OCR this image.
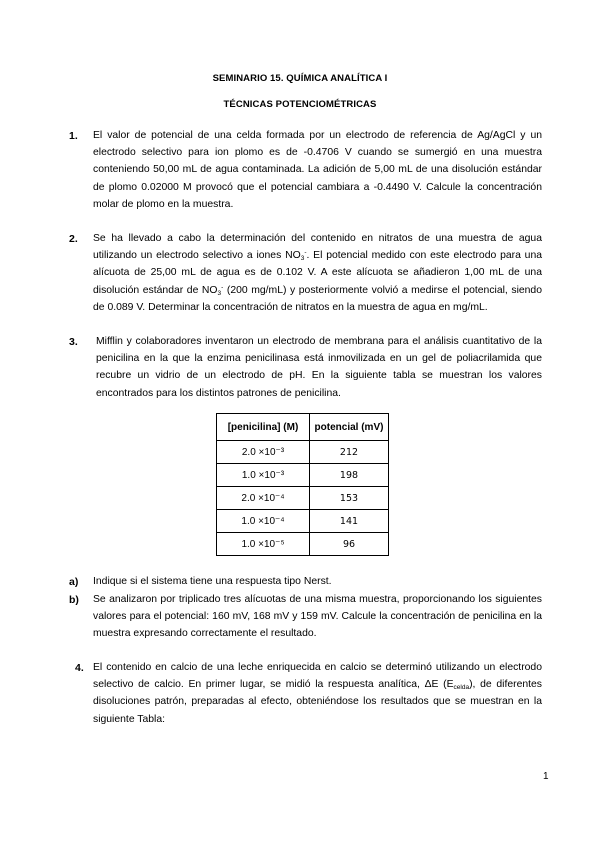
SEMINARIO 15. QUÍMICA ANALÍTICA I
TÉCNICAS POTENCIOMÉTRICAS
1. El valor de potencial de una celda formada por un electrodo de referencia de Ag/AgCl y un electrodo selectivo para ion plomo es de -0.4706 V cuando se sumergió en una muestra conteniendo 50,00 mL de agua contaminada. La adición de 5,00 mL de una disolución estándar de plomo 0.02000 M provocó que el potencial cambiara a -0.4490 V. Calcule la concentración molar de plomo en la muestra.
2. Se ha llevado a cabo la determinación del contenido en nitratos de una muestra de agua utilizando un electrodo selectivo a iones $NO_3^-$. El potencial medido con este electrodo para una alícuota de 25,00 mL de agua es de 0.102 V. A este alícuota se añadieron 1,00 mL de una disolución estándar de $NO_3^-$ (200 mg/mL) y posteriormente volvió a medirse el potencial, siendo de 0.089 V. Determinar la concentración de nitratos en la muestra de agua en mg/mL.
3. Mifflin y colaboradores inventaron un electrodo de membrana para el análisis cuantitativo de la penicilina en la que la enzima penicilinasa está inmovilizada en un gel de poliacrilamida que recubre un vidrio de un electrodo de pH. En la siguiente tabla se muestran los valores encontrados para los distintos patrones de penicilina.
[penicilina] (M)	potencial (mV)
2.0 ×10⁻³	212
1.0 ×10⁻³	198
2.0 ×10⁻⁴	153
1.0 ×10⁻⁴	141
1.0 ×10⁻⁵	96
a) Indique si el sistema tiene una respuesta tipo Nerst.
b) Se analizaron por triplicado tres alícuotas de una misma muestra, proporcionando los siguientes valores para el potencial: 160 mV, 168 mV y 159 mV. Calcule la concentración de penicilina en la muestra expresando correctamente el resultado.
4. El contenido en calcio de una leche enriquecida en calcio se determinó utilizando un electrodo selectivo de calcio. En primer lugar, se midió la respuesta analítica, ΔE $(E_{celda})$, de diferentes disoluciones patrón, preparadas al efecto, obteniéndose los resultados que se muestran en la siguiente Tabla:
1
